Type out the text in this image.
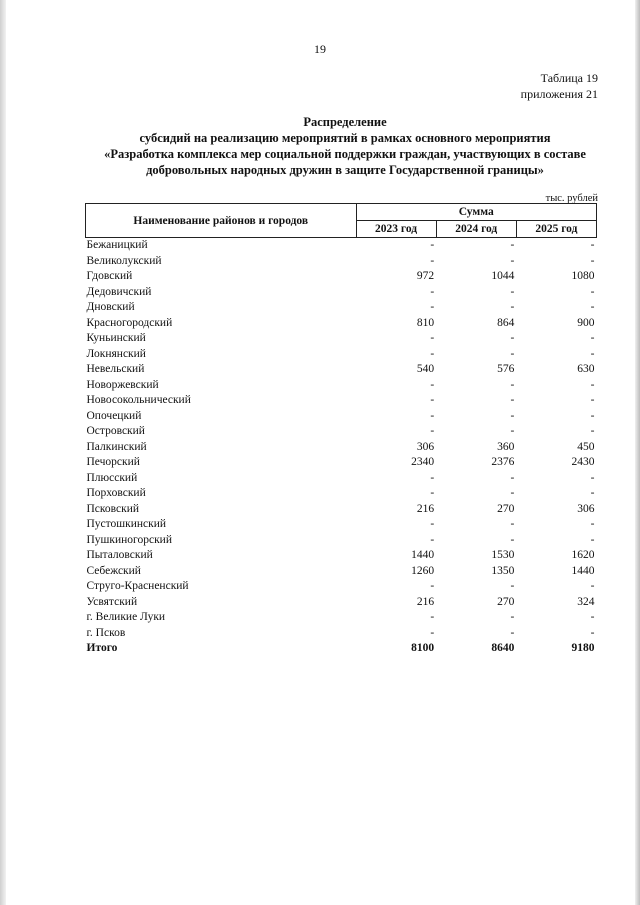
19
Таблица 19
приложения 21
Распределение
субсидий на реализацию мероприятий в рамках основного мероприятия
«Разработка комплекса мер социальной поддержки граждан, участвующих в составе
добровольных народных дружин в защите Государственной границы»
тыс. рублей
Наименование районов и городов	Сумма		
	2023 год	2024 год	2025 год
Бежаницкий	-	-	-
Великолукский	-	-	-
Гдовский	972	1044	1080
Дедовичский	-	-	-
Дновский	-	-	-
Красногородский	810	864	900
Куньинский	-	-	-
Локнянский	-	-	-
Невельский	540	576	630
Новоржевский	-	-	-
Новосокольнический	-	-	-
Опочецкий	-	-	-
Островский	-	-	-
Палкинский	306	360	450
Печорский	2340	2376	2430
Плюсский	-	-	-
Порховский	-	-	-
Псковский	216	270	306
Пустошкинский	-	-	-
Пушкиногорский	-	-	-
Пыталовский	1440	1530	1620
Себежский	1260	1350	1440
Струго-Красненский	-	-	-
Усвятский	216	270	324
г. Великие Луки	-	-	-
г. Псков	-	-	-
Итого	8100	8640	9180
